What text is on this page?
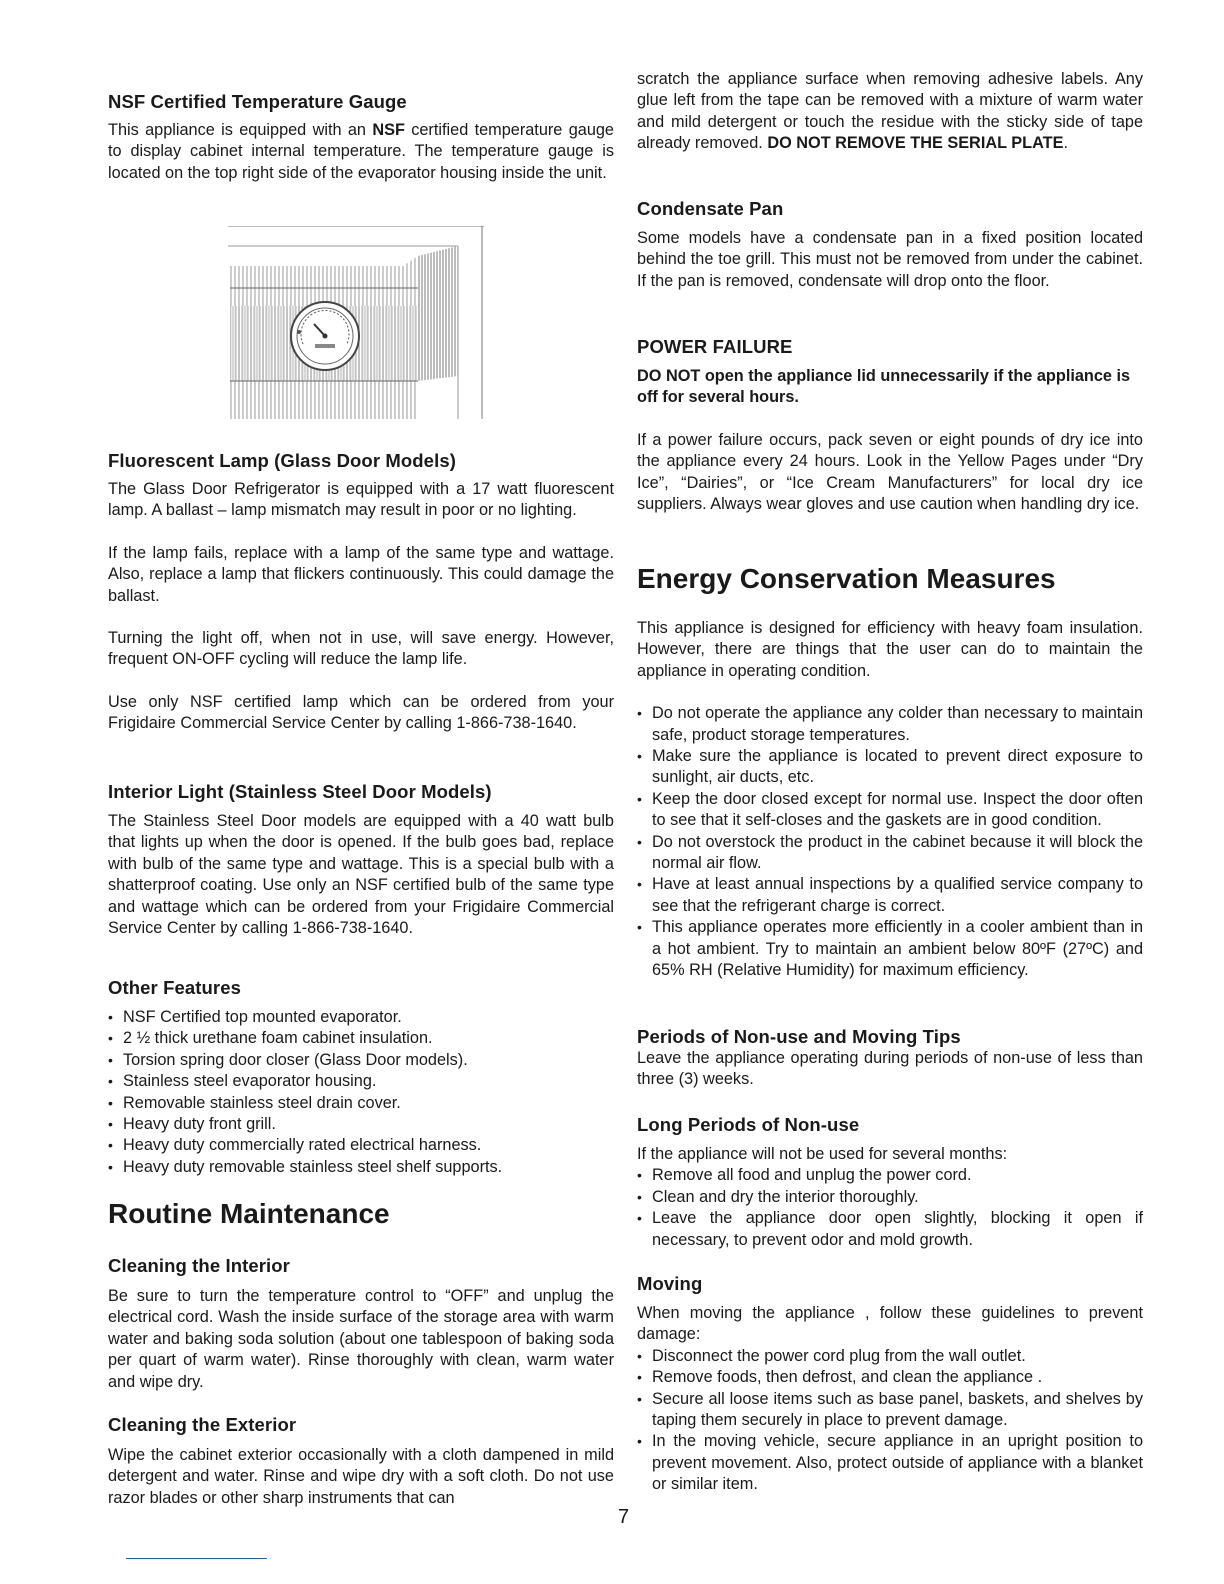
NSF Certified Temperature Gauge

This appliance is equipped with an NSF certified temperature gauge to display cabinet internal temperature. The temperature gauge is located on the top right side of the evaporator housing inside the unit.

Fluorescent Lamp (Glass Door Models)

The Glass Door Refrigerator is equipped with a 17 watt fluorescent lamp. A ballast – lamp mismatch may result in poor or no lighting.

If the lamp fails, replace with a lamp of the same type and wattage. Also, replace a lamp that flickers continuously. This could damage the ballast.

Turning the light off, when not in use, will save energy. However, frequent ON-OFF cycling will reduce the lamp life.

Use only NSF certified lamp which can be ordered from your Frigidaire Commercial Service Center by calling 1-866-738-1640.

Interior Light (Stainless Steel Door Models)

The Stainless Steel Door models are equipped with a 40 watt bulb that lights up when the door is opened. If the bulb goes bad, replace with bulb of the same type and wattage. This is a special bulb with a shatterproof coating. Use only an NSF certified bulb of the same type and wattage which can be ordered from your Frigidaire Commercial Service Center by calling 1-866-738-1640.

Other Features
• NSF Certified top mounted evaporator.
• 2 ½ thick urethane foam cabinet insulation.
• Torsion spring door closer (Glass Door models).
• Stainless steel evaporator housing.
• Removable stainless steel drain cover.
• Heavy duty front grill.
• Heavy duty commercially rated electrical harness.
• Heavy duty removable stainless steel shelf supports.
Routine Maintenance
Cleaning the Interior

Be sure to turn the temperature control to “OFF” and unplug the electrical cord. Wash the inside surface of the storage area with warm water and baking soda solution (about one tablespoon of baking soda per quart of warm water). Rinse thoroughly with clean, warm water and wipe dry.

Cleaning the Exterior

Wipe the cabinet exterior occasionally with a cloth dampened in mild detergent and water. Rinse and wipe dry with a soft cloth. Do not use razor blades or other sharp instruments that can

scratch the appliance surface when removing adhesive labels. Any glue left from the tape can be removed with a mixture of warm water and mild detergent or touch the residue with the sticky side of tape already removed. DO NOT REMOVE THE SERIAL PLATE.

Condensate Pan

Some models have a condensate pan in a fixed position located behind the toe grill. This must not be removed from under the cabinet. If the pan is removed, condensate will drop onto the floor.

POWER FAILURE

DO NOT open the appliance lid unnecessarily if the appliance is off for several hours.

If a power failure occurs, pack seven or eight pounds of dry ice into the appliance every 24 hours. Look in the Yellow Pages under “Dry Ice”, “Dairies”, or “Ice Cream Manufacturers” for local dry ice suppliers. Always wear gloves and use caution when handling dry ice.

Energy Conservation Measures

This appliance is designed for efficiency with heavy foam insulation. However, there are things that the user can do to maintain the appliance in operating condition.

• Do not operate the appliance any colder than necessary to maintain safe, product storage temperatures.
• Make sure the appliance is located to prevent direct exposure to sunlight, air ducts, etc.
• Keep the door closed except for normal use. Inspect the door often to see that it self-closes and the gaskets are in good condition.
• Do not overstock the product in the cabinet because it will block the normal air flow.
• Have at least annual inspections by a qualified service company to see that the refrigerant charge is correct.
• This appliance operates more efficiently in a cooler ambient than in a hot ambient. Try to maintain an ambient below 80ºF (27ºC) and 65% RH (Relative Humidity) for maximum efficiency.
Periods of Non-use and Moving Tips

Leave the appliance operating during periods of non-use of less than three (3) weeks.

Long Periods of Non-use

If the appliance will not be used for several months:

• Remove all food and unplug the power cord.
• Clean and dry the interior thoroughly.
• Leave the appliance door open slightly, blocking it open if necessary, to prevent odor and mold growth.
Moving

When moving the appliance , follow these guidelines to prevent damage:

• Disconnect the power cord plug from the wall outlet.
• Remove foods, then defrost, and clean the appliance .
• Secure all loose items such as base panel, baskets, and shelves by taping them securely in place to prevent damage.
• In the moving vehicle, secure appliance in an upright position to prevent movement. Also, protect outside of appliance with a blanket or similar item.
7
